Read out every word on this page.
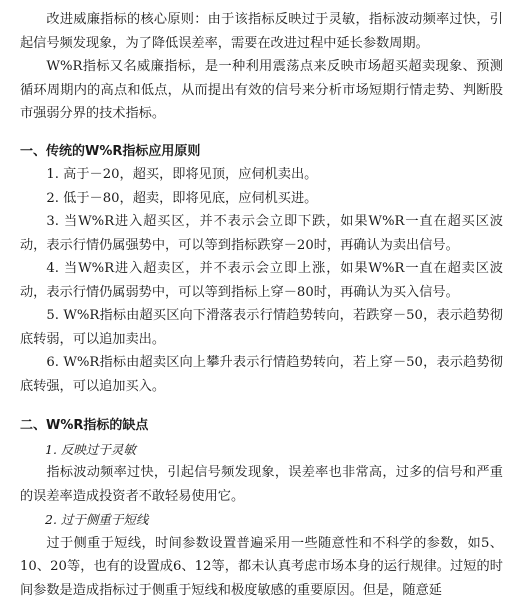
改进威廉指标的核心原则：由于该指标反映过于灵敏，指标波动频率过快，引起信号频发现象，为了降低误差率，需要在改进过程中延长参数周期。

W%R指标又名威廉指标，是一种利用震荡点来反映市场超买超卖现象、预测循环周期内的高点和低点，从而提出有效的信号来分析市场短期行情走势、判断股市强弱分界的技术指标。

一、传统的W%R指标应用原则

1. 高于－20，超买，即将见顶，应伺机卖出。

2. 低于－80，超卖，即将见底，应伺机买进。

3. 当W%R进入超买区，并不表示会立即下跌，如果W%R一直在超买区波动，表示行情仍属强势中，可以等到指标跌穿－20时，再确认为卖出信号。

4. 当W%R进入超卖区，并不表示会立即上涨，如果W%R一直在超卖区波动，表示行情仍属弱势中，可以等到指标上穿－80时，再确认为买入信号。

5. W%R指标由超买区向下滑落表示行情趋势转向，若跌穿－50，表示趋势彻底转弱，可以追加卖出。

6. W%R指标由超卖区向上攀升表示行情趋势转向，若上穿－50，表示趋势彻底转强，可以追加买入。

二、W%R指标的缺点

1. 反映过于灵敏

指标波动频率过快，引起信号频发现象，误差率也非常高，过多的信号和严重的误差率造成投资者不敢轻易使用它。

2. 过于侧重于短线

过于侧重于短线，时间参数设置普遍采用一些随意性和不科学的参数，如5、10、20等，也有的设置成6、12等，都未认真考虑市场本身的运行规律。过短的时间参数是造成指标过于侧重于短线和极度敏感的重要原因。但是，随意延
